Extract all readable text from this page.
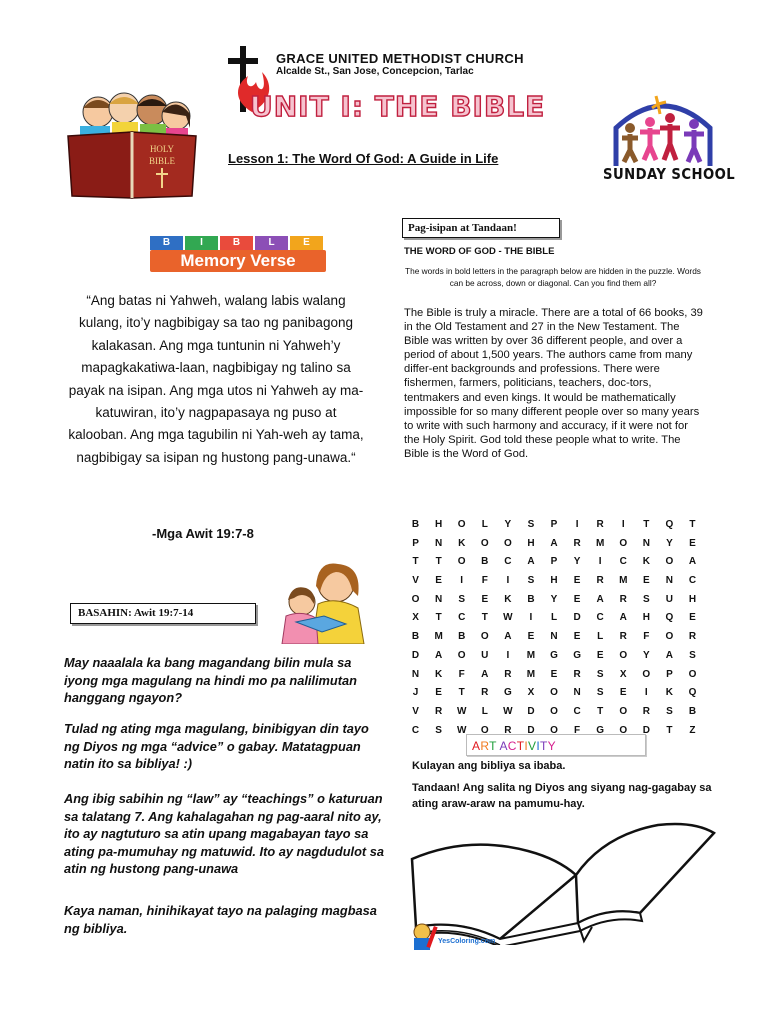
GRACE UNITED METHODIST CHURCH
Alcalde St., San Jose, Concepcion, Tarlac
UNIT I: THE BIBLE
Lesson 1: The Word Of God: A Guide in Life
HOLY
BIBLE
SUNDAY SCHOOL
B	I	B	L	E
Memory Verse
“Ang batas ni Yahweh, walang labis walang kulang, ito’y nagbibigay sa tao ng panibagong kalakasan. Ang mga tuntunin ni Yahweh’y mapagkakatiwa-laan, nagbibigay ng talino sa payak na isipan. Ang mga utos ni Yahweh ay ma-katuwiran, ito’y nagpapasaya ng puso at kalooban. Ang mga tagubilin ni Yah-weh ay tama, nagbibigay sa isipan ng hustong pang-unawa.“
-Mga Awit 19:7-8
BASAHIN: Awit 19:7-14
May naaalala ka bang magandang bilin mula sa iyong mga magulang na hindi mo pa nalilimutan hanggang ngayon?
Tulad ng ating mga magulang, binibigyan din tayo ng Diyos ng mga “advice” o gabay. Matatagpuan natin ito sa bibliya! :)
Ang ibig sabihin ng “law” ay “teachings” o katuruan sa talatang 7. Ang kahalagahan ng pag-aaral nito ay, ito ay nagtuturo sa atin upang magabayan tayo sa ating pa-mumuhay ng matuwid. Ito ay nagdudulot sa atin ng hustong pang-unawa
Kaya naman, hinihikayat tayo na palaging magbasa ng bibliya.
Pag-isipan at Tandaan!
THE WORD OF GOD - THE BIBLE
The words in bold letters in the paragraph below are hidden in the puzzle. Words can be across, down or diagonal. Can you find them all?
The Bible is truly a miracle. There are a total of 66 books, 39 in the Old Testament and 27 in the New Testament. The Bible was written by over 36 different people, and over a period of about 1,500 years. The authors came from many differ-ent backgrounds and professions. There were fishermen, farmers, politicians, teachers, doc-tors, tentmakers and even kings. It would be mathematically impossible for so many different people over so many years to write with such harmony and accuracy, if it were not for the Holy Spirit. God told these people what to write. The Bible is the Word of God.
B	H	O	L	Y	S	P	I	R	I	T	Q	T
P	N	K	O	O	H	A	R	M	O	N	Y	E
T	T	O	B	C	A	P	Y	I	C	K	O	A
V	E	I	F	I	S	H	E	R	M	E	N	C
O	N	S	E	K	B	Y	E	A	R	S	U	H
X	T	C	T	W	I	L	D	C	A	H	Q	E
B	M	B	O	A	E	N	E	L	R	F	O	R
D	A	O	U	I	M	G	G	E	O	Y	A	S
N	K	F	A	R	M	E	R	S	X	O	P	O
J	E	T	R	G	X	O	N	S	E	I	K	Q
V	R	W	L	W	D	O	C	T	O	R	S	B
C	S	W	O	R	D	O	F	G	O	D	T	Z
ART ACTIVITY
Kulayan ang bibliya sa ibaba.
Tandaan! Ang salita ng Diyos ang siyang nag-gagabay sa ating araw-araw na pamumu-hay.
YesColoring.com
